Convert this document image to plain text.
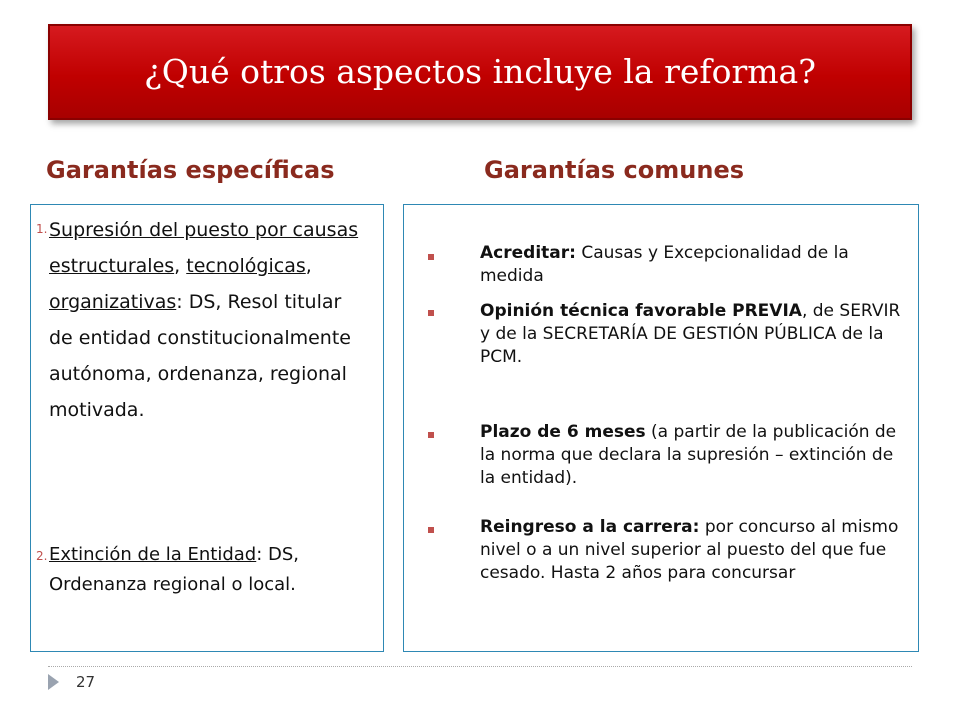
¿Qué otros aspectos incluye la reforma?
Garantías específicas	Garantías comunes
1. Supresión del puesto por causas estructurales, tecnológicas, organizativas: DS, Resol titular de entidad constitucionalmente autónoma, ordenanza, regional motivada.
2. Extinción de la Entidad: DS, Ordenanza regional o local.
Acreditar: Causas y Excepcionalidad de la medida
Opinión técnica favorable PREVIA, de SERVIR y de la SECRETARÍA DE GESTIÓN PÚBLICA de la PCM.
Plazo de 6 meses (a partir de la publicación de la norma que declara la supresión – extinción de la entidad).
Reingreso a la carrera: por concurso al mismo nivel o a un nivel superior al puesto del que fue cesado. Hasta 2 años para concursar
27
